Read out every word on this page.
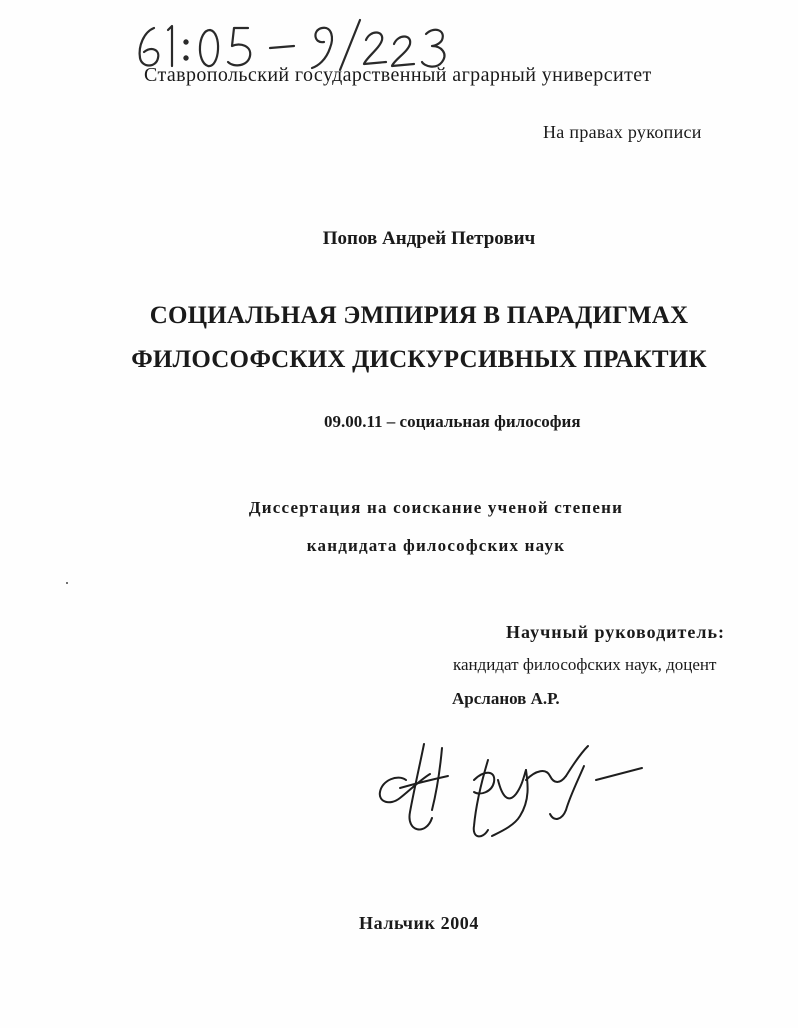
Ставропольский государственный аграрный университет
На правах рукописи
Попов Андрей Петрович
СОЦИАЛЬНАЯ ЭМПИРИЯ В ПАРАДИГМАХ
ФИЛОСОФСКИХ ДИСКУРСИВНЫХ ПРАКТИК
09.00.11 – социальная философия
Диссертация на соискание ученой степени
кандидата философских наук
Научный руководитель:
кандидат философских наук, доцент
Арсланов А.Р.
Нальчик 2004
